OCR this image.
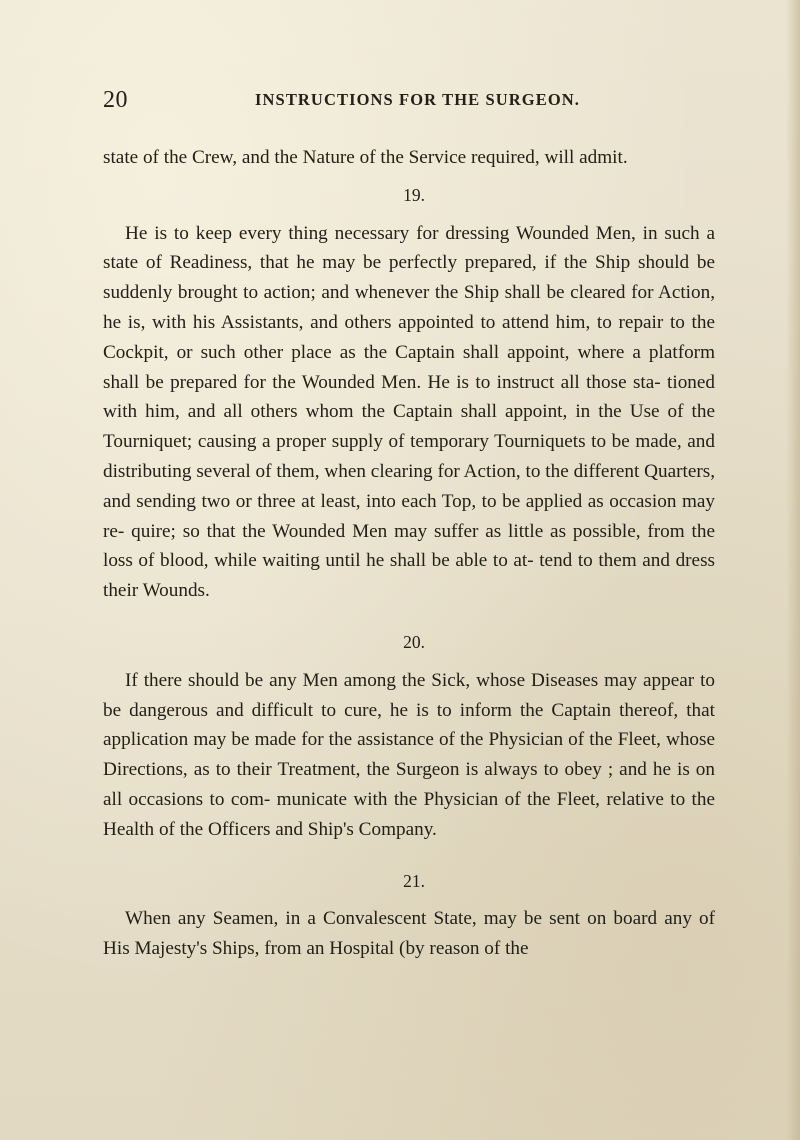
20	INSTRUCTIONS FOR THE SURGEON.

state of the Crew, and the Nature of the Service required, will admit.

19.

He is to keep every thing necessary for dressing Wounded Men, in such a state of Readiness, that he may be perfectly prepared, if the Ship should be suddenly brought to action; and whenever the Ship shall be cleared for Action, he is, with his Assistants, and others appointed to attend him, to repair to the Cockpit, or such other place as the Captain shall appoint, where a platform shall be prepared for the Wounded Men. He is to instruct all those sta- tioned with him, and all others whom the Captain shall appoint, in the Use of the Tourniquet; causing a proper supply of temporary Tourniquets to be made, and distributing several of them, when clearing for Action, to the different Quarters, and sending two or three at least, into each Top, to be applied as occasion may re- quire; so that the Wounded Men may suffer as little as possible, from the loss of blood, while waiting until he shall be able to at- tend to them and dress their Wounds.

20.

If there should be any Men among the Sick, whose Diseases may appear to be dangerous and difficult to cure, he is to inform the Captain thereof, that application may be made for the assistance of the Physician of the Fleet, whose Directions, as to their Treatment, the Surgeon is always to obey ; and he is on all occasions to com- municate with the Physician of the Fleet, relative to the Health of the Officers and Ship's Company.

21.

When any Seamen, in a Convalescent State, may be sent on board any of His Majesty's Ships, from an Hospital (by reason of the
